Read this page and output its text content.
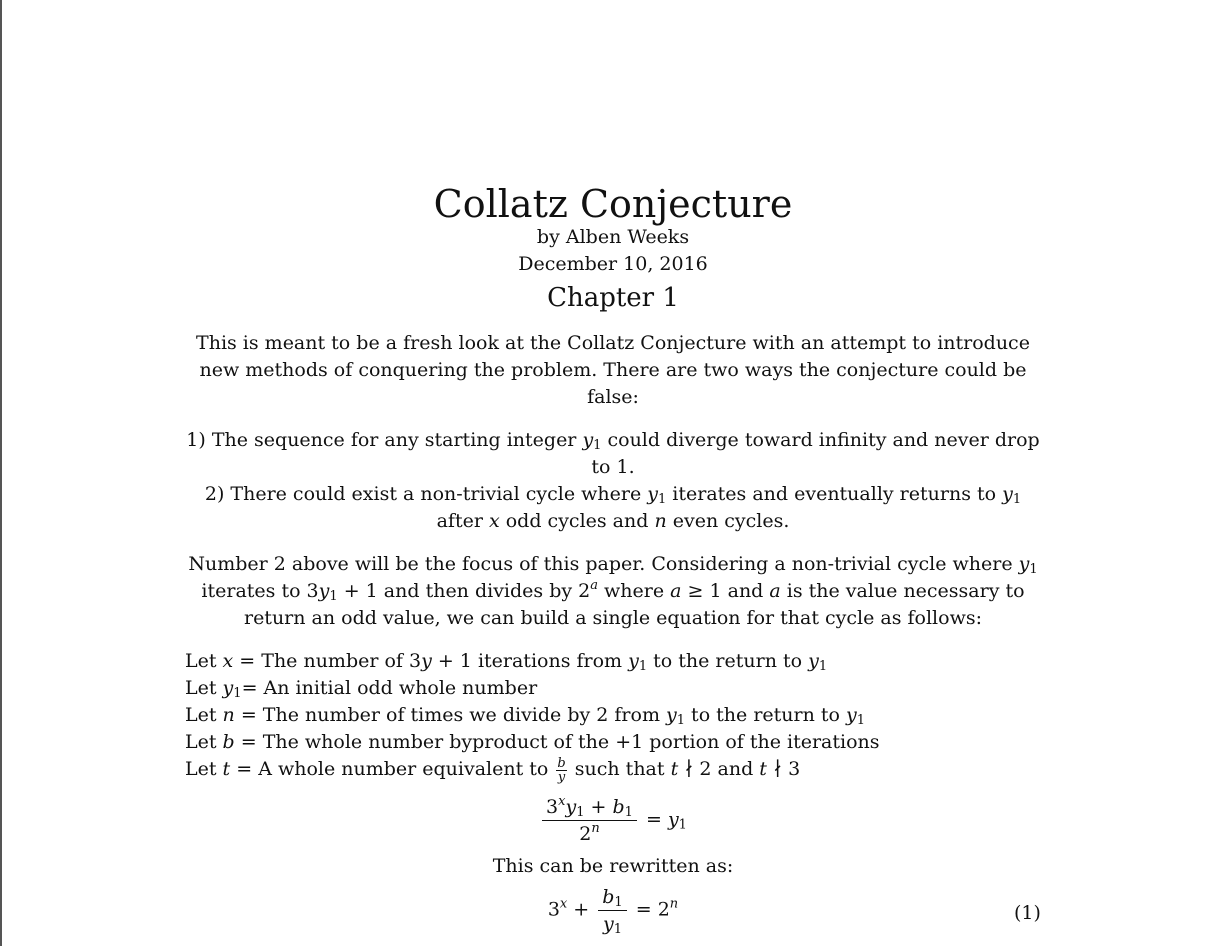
Collatz Conjecture
by Alben Weeks
December 10, 2016
Chapter 1
This is meant to be a fresh look at the Collatz Conjecture with an attempt to introduce new methods of conquering the problem. There are two ways the conjecture could be false:
1) The sequence for any starting integer $y_1$ could diverge toward infinity and never drop to 1.
2) There could exist a non-trivial cycle where $y_1$ iterates and eventually returns to $y_1$ after x odd cycles and n even cycles.
Number 2 above will be the focus of this paper. Considering a non-trivial cycle where $y_1$ iterates to $3y_1 + 1$ and then divides by 2$^a$ where a ≥ 1 and a is the value necessary to return an odd value, we can build a single equation for that cycle as follows:
Let x = The number of 3y + 1 iterations from $y_1$ to the return to $y_1$
Let $y_1= An$ initial odd whole number
Let n = The number of times we divide by 2 from $y_1$ to the return to $y_1$
Let b = The whole number byproduct of the +1 portion of the iterations
Let t = A whole number equivalent to $\frac{b}{y}$ such that t ∤ 2 and t ∤ 3
$\frac{3^xy_1 + b_1}{2^n} = y_1$
This can be rewritten as:
$3^x + \frac{b_1}{y_1} = 2^n$	(1)
